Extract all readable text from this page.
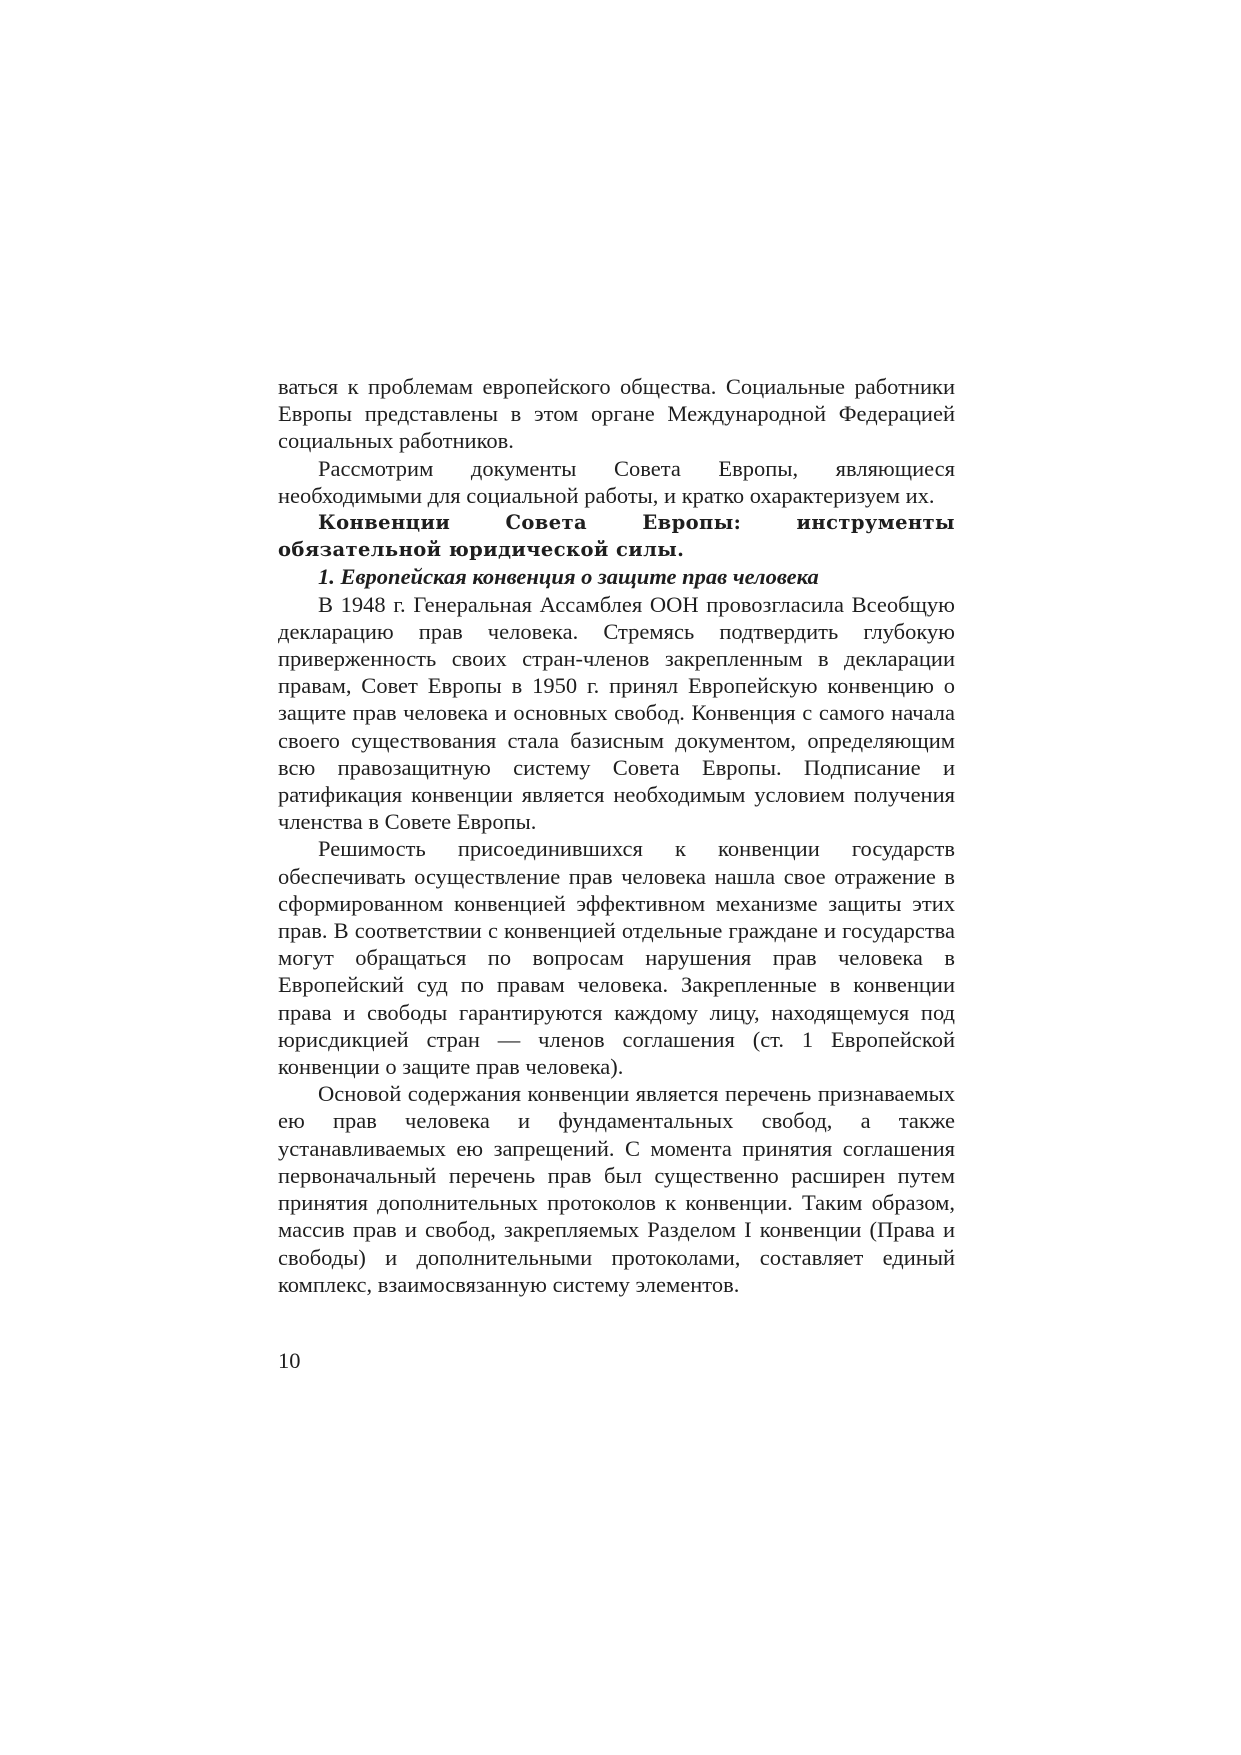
ваться к проблемам европейского общества. Социальные работники Европы представлены в этом органе Международной Федерацией социальных работников.

Рассмотрим документы Совета Европы, являющиеся необходимыми для социальной работы, и кратко охарактеризуем их.

Конвенции Совета Европы: инструменты обязательной юридической силы.

1. Европейская конвенция о защите прав человека

В 1948 г. Генеральная Ассамблея ООН провозгласила Всеобщую декларацию прав человека. Стремясь подтвердить глубокую приверженность своих стран-членов закрепленным в декларации правам, Совет Европы в 1950 г. принял Европейскую конвенцию о защите прав человека и основных свобод. Конвенция с самого начала своего существования стала базисным документом, определяющим всю правозащитную систему Совета Европы. Подписание и ратификация конвенции является необходимым условием получения членства в Совете Европы.

Решимость присоединившихся к конвенции государств обеспечивать осуществление прав человека нашла свое отражение в сформированном конвенцией эффективном механизме защиты этих прав. В соответствии с конвенцией отдельные граждане и государства могут обращаться по вопросам нарушения прав человека в Европейский суд по правам человека. Закрепленные в конвенции права и свободы гарантируются каждому лицу, находящемуся под юрисдикцией стран — членов соглашения (ст. 1 Европейской конвенции о защите прав человека).

Основой содержания конвенции является перечень признаваемых ею прав человека и фундаментальных свобод, а также устанавливаемых ею запрещений. С момента принятия соглашения первоначальный перечень прав был существенно расширен путем принятия дополнительных протоколов к конвенции. Таким образом, массив прав и свобод, закрепляемых Разделом I конвенции (Права и свободы) и дополнительными протоколами, составляет единый комплекс, взаимосвязанную систему элементов.

10
